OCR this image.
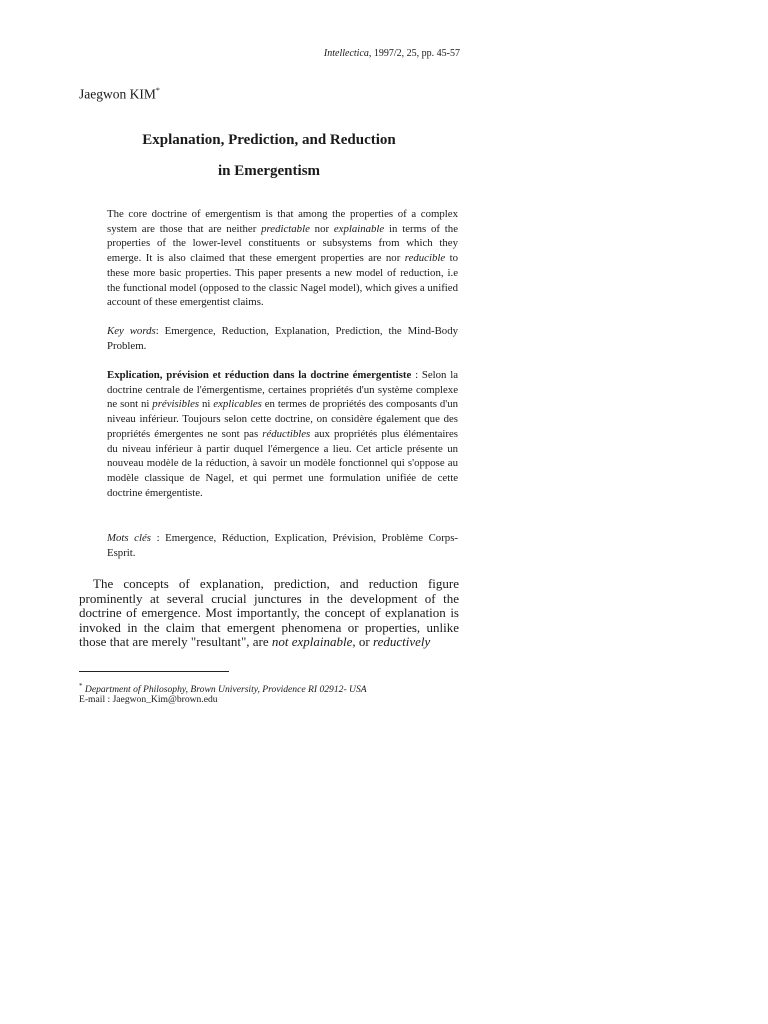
Intellectica, 1997/2, 25, pp. 45-57
Jaegwon KIM*
Explanation, Prediction, and Reduction
in Emergentism
The core doctrine of emergentism is that among the properties of a complex system are those that are neither predictable nor explainable in terms of the properties of the lower-level constituents or subsystems from which they emerge. It is also claimed that these emergent properties are nor reducible to these more basic properties. This paper presents a new model of reduction, i.e the functional model (opposed to the classic Nagel model), which gives a unified account of these emergentist claims.
Key words: Emergence, Reduction, Explanation, Prediction, the Mind-Body Problem.
Explication, prévision et réduction dans la doctrine émergentiste : Selon la doctrine centrale de l'émergentisme, certaines propriétés d'un système complexe ne sont ni prévisibles ni explicables en termes de propriétés des composants d'un niveau inférieur. Toujours selon cette doctrine, on considère également que des propriétés émergentes ne sont pas réductibles aux propriétés plus élémentaires du niveau inférieur à partir duquel l'émergence a lieu. Cet article présente un nouveau modèle de la réduction, à savoir un modèle fonctionnel qui s'oppose au modèle classique de Nagel, et qui permet une formulation unifiée de cette doctrine émergentiste.
Mots clés : Emergence, Réduction, Explication, Prévision, Problème Corps-Esprit.
The concepts of explanation, prediction, and reduction figure prominently at several crucial junctures in the development of the doctrine of emergence. Most importantly, the concept of explanation is invoked in the claim that emergent phenomena or properties, unlike those that are merely "resultant", are not explainable, or reductively
* Department of Philosophy, Brown University, Providence RI 02912- USA
E-mail : Jaegwon_Kim@brown.edu
